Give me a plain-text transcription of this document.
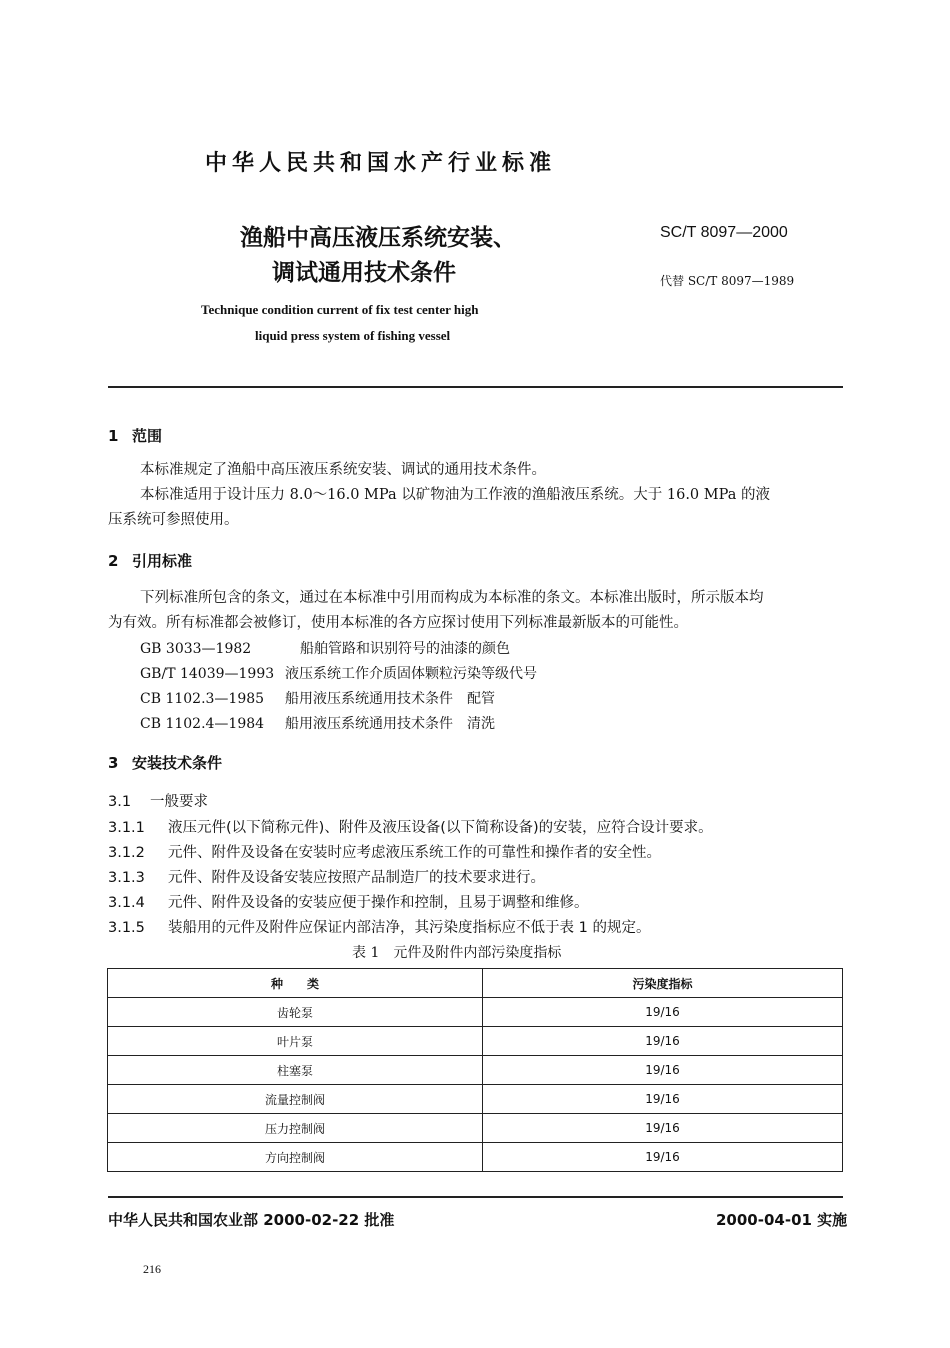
中华人民共和国水产行业标准
渔船中高压液压系统安装、
调试通用技术条件
SC/T 8097—2000
代替 SC/T 8097—1989
Technique condition current of fix test center high
liquid press system of fishing vessel
1 范围
本标准规定了渔船中高压液压系统安装、调试的通用技术条件。
本标准适用于设计压力 8.0～16.0 MPa 以矿物油为工作液的渔船液压系统。大于 16.0 MPa 的液
压系统可参照使用。
2 引用标准
下列标准所包含的条文，通过在本标准中引用而构成为本标准的条文。本标准出版时，所示版本均
为有效。所有标准都会被修订，使用本标准的各方应探讨使用下列标准最新版本的可能性。
GB 3033—1982	船舶管路和识别符号的油漆的颜色
GB/T 14039—1993 液压系统工作介质固体颗粒污染等级代号
CB 1102.3—1985 船用液压系统通用技术条件　配管
CB 1102.4—1984 船用液压系统通用技术条件　清洗
3 安装技术条件
3.1 一般要求
3.1.1 液压元件(以下简称元件)、附件及液压设备(以下简称设备)的安装，应符合设计要求。
3.1.2 元件、附件及设备在安装时应考虑液压系统工作的可靠性和操作者的安全性。
3.1.3 元件、附件及设备安装应按照产品制造厂的技术要求进行。
3.1.4 元件、附件及设备的安装应便于操作和控制，且易于调整和维修。
3.1.5 装船用的元件及附件应保证内部洁净，其污染度指标应不低于表 1 的规定。
表 1　元件及附件内部污染度指标
种　　类	污染度指标
齿轮泵	19/16
叶片泵	19/16
柱塞泵	19/16
流量控制阀	19/16
压力控制阀	19/16
方向控制阀	19/16
中华人民共和国农业部 2000-02-22 批准	2000-04-01 实施
216
